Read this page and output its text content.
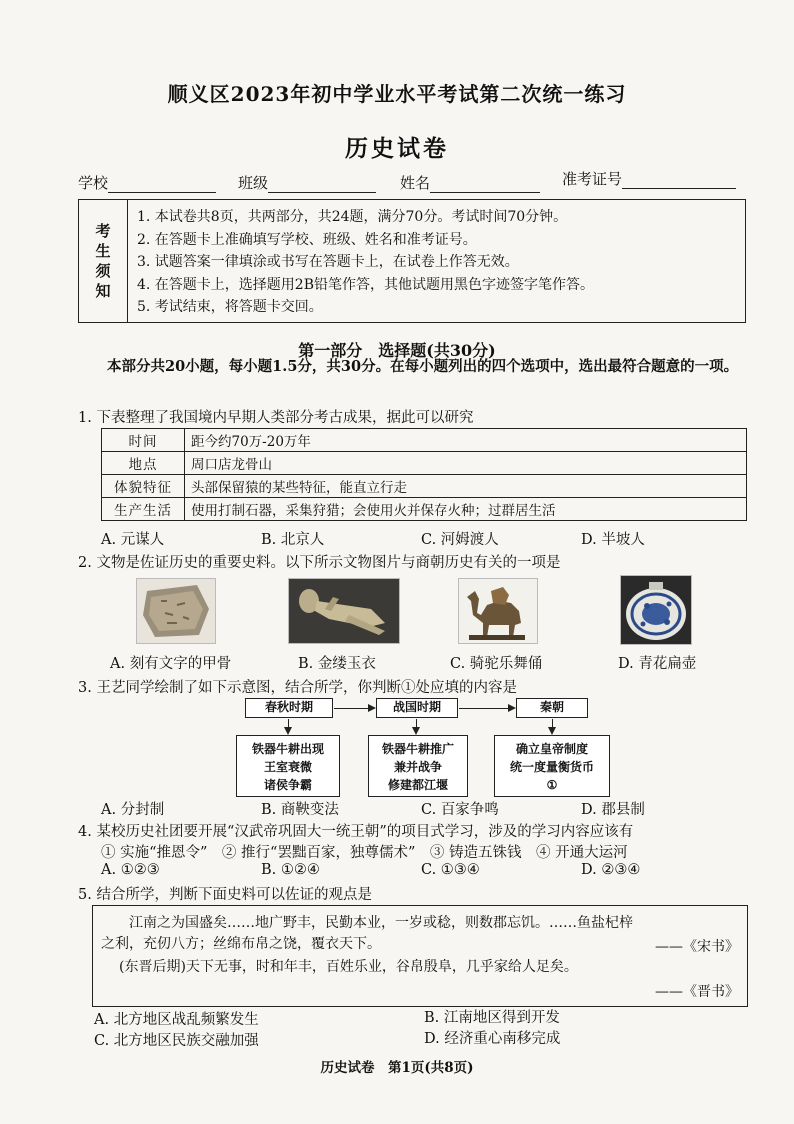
顺义区2023年初中学业水平考试第二次统一练习
历史试卷
学校	班级	姓名	准考证号
考
生
须
知
1. 本试卷共8页，共两部分，共24题，满分70分。考试时间70分钟。
2. 在答题卡上准确填写学校、班级、姓名和准考证号。
3. 试题答案一律填涂或书写在答题卡上，在试卷上作答无效。
4. 在答题卡上，选择题用2B铅笔作答，其他试题用黑色字迹签字笔作答。
5. 考试结束，将答题卡交回。
第一部分　选择题(共30分)
本部分共20小题，每小题1.5分，共30分。在每小题列出的四个选项中，选出最符合题意的一项。
1. 下表整理了我国境内早期人类部分考古成果，据此可以研究
时间	距今约70万-20万年
地点	周口店龙骨山
体貌特征	头部保留猿的某些特征，能直立行走
生产生活	使用打制石器，采集狩猎；会使用火并保存火种；过群居生活
A. 元谋人	B. 北京人	C. 河姆渡人	D. 半坡人
2. 文物是佐证历史的重要史料。以下所示文物图片与商朝历史有关的一项是
A. 刻有文字的甲骨	B. 金缕玉衣	C. 骑驼乐舞俑	D. 青花扁壶
3. 王艺同学绘制了如下示意图，结合所学，你判断①处应填的内容是
春秋时期	战国时期	秦朝
铁器牛耕出现
王室衰微
诸侯争霸
铁器牛耕推广
兼并战争
修建都江堰
确立皇帝制度
统一度量衡货币
①
A. 分封制	B. 商鞅变法	C. 百家争鸣	D. 郡县制
4. 某校历史社团要开展“汉武帝巩固大一统王朝”的项目式学习，涉及的学习内容应该有
① 实施“推恩令”　② 推行“罢黜百家，独尊儒术”　③ 铸造五铢钱　④ 开通大运河
A. ①②③	B. ①②④	C. ①③④	D. ②③④
5. 结合所学，判断下面史料可以佐证的观点是
江南之为国盛矣……地广野丰，民勤本业，一岁或稔，则数郡忘饥。……鱼盐杞梓
之利，充仞八方；丝绵布帛之饶，覆衣天下。	——《宋书》
(东晋后期)天下无事，时和年丰，百姓乐业，谷帛殷阜，几乎家给人足矣。
——《晋书》
A. 北方地区战乱频繁发生	B. 江南地区得到开发
C. 北方地区民族交融加强	D. 经济重心南移完成
历史试卷　第1页(共8页)
